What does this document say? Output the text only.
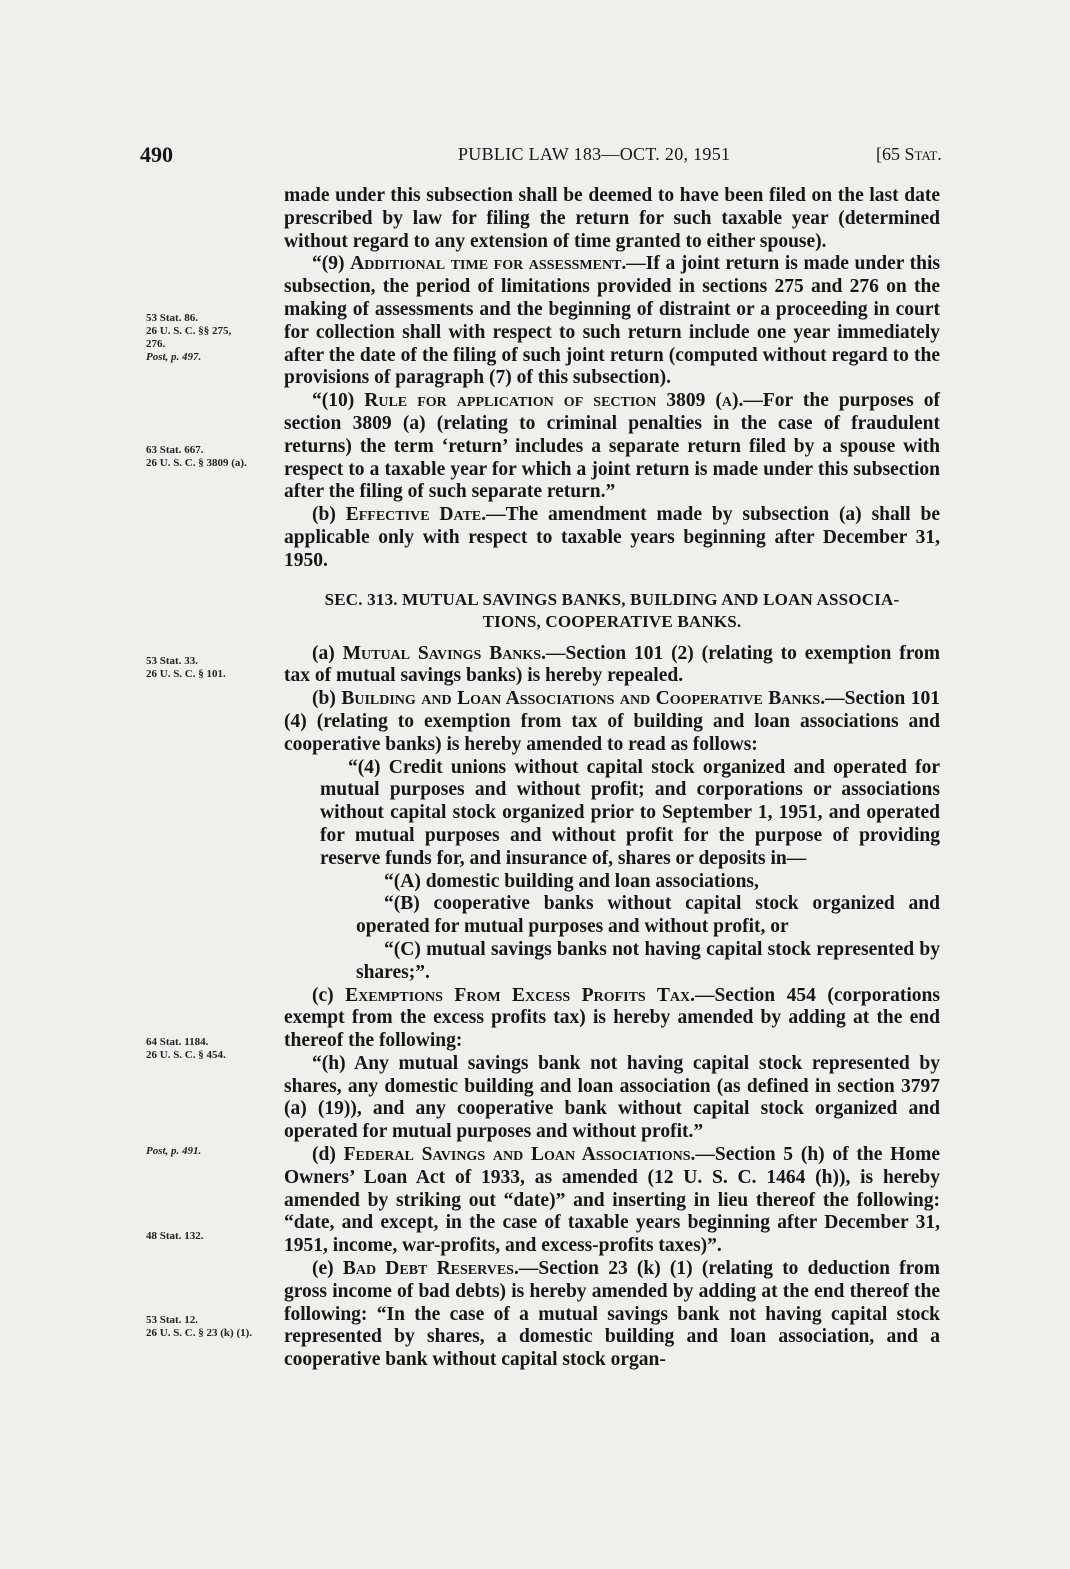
490	PUBLIC LAW 183—OCT. 20, 1951	[65 Stat.
53 Stat. 86.
26 U. S. C. §§ 275,
276.
Post, p. 497.
63 Stat. 667.
26 U. S. C. § 3809 (a).
53 Stat. 33.
26 U. S. C. § 101.
64 Stat. 1184.
26 U. S. C. § 454.
Post, p. 491.
48 Stat. 132.
53 Stat. 12.
26 U. S. C. § 23 (k) (1).

made under this subsection shall be deemed to have been filed on the last date prescribed by law for filing the return for such taxable year (determined without regard to any extension of time granted to either spouse).

“(9) Additional time for assessment.—If a joint return is made under this subsection, the period of limitations provided in sections 275 and 276 on the making of assessments and the beginning of distraint or a proceeding in court for collection shall with respect to such return include one year immediately after the date of the filing of such joint return (computed without regard to the provisions of paragraph (7) of this subsection).

“(10) Rule for application of section 3809 (a).—For the purposes of section 3809 (a) (relating to criminal penalties in the case of fraudulent returns) the term ‘return’ includes a separate return filed by a spouse with respect to a taxable year for which a joint return is made under this subsection after the filing of such separate return.”

(b) Effective Date.—The amendment made by subsection (a) shall be applicable only with respect to taxable years beginning after December 31, 1950.

SEC. 313. MUTUAL SAVINGS BANKS, BUILDING AND LOAN ASSOCIA-
TIONS, COOPERATIVE BANKS.

(a) Mutual Savings Banks.—Section 101 (2) (relating to exemption from tax of mutual savings banks) is hereby repealed.

(b) Building and Loan Associations and Cooperative Banks.—Section 101 (4) (relating to exemption from tax of building and loan associations and cooperative banks) is hereby amended to read as follows:

“(4) Credit unions without capital stock organized and operated for mutual purposes and without profit; and corporations or associations without capital stock organized prior to September 1, 1951, and operated for mutual purposes and without profit for the purpose of providing reserve funds for, and insurance of, shares or deposits in—

“(A) domestic building and loan associations,

“(B) cooperative banks without capital stock organized and operated for mutual purposes and without profit, or

“(C) mutual savings banks not having capital stock represented by shares;”.

(c) Exemptions From Excess Profits Tax.—Section 454 (corporations exempt from the excess profits tax) is hereby amended by adding at the end thereof the following:

“(h) Any mutual savings bank not having capital stock represented by shares, any domestic building and loan association (as defined in section 3797 (a) (19)), and any cooperative bank without capital stock organized and operated for mutual purposes and without profit.”

(d) Federal Savings and Loan Associations.—Section 5 (h) of the Home Owners’ Loan Act of 1933, as amended (12 U. S. C. 1464 (h)), is hereby amended by striking out “date)” and inserting in lieu thereof the following: “date, and except, in the case of taxable years beginning after December 31, 1951, income, war-profits, and excess-profits taxes)”.

(e) Bad Debt Reserves.—Section 23 (k) (1) (relating to deduction from gross income of bad debts) is hereby amended by adding at the end thereof the following: “In the case of a mutual savings bank not having capital stock represented by shares, a domestic building and loan association, and a cooperative bank without capital stock organ-
